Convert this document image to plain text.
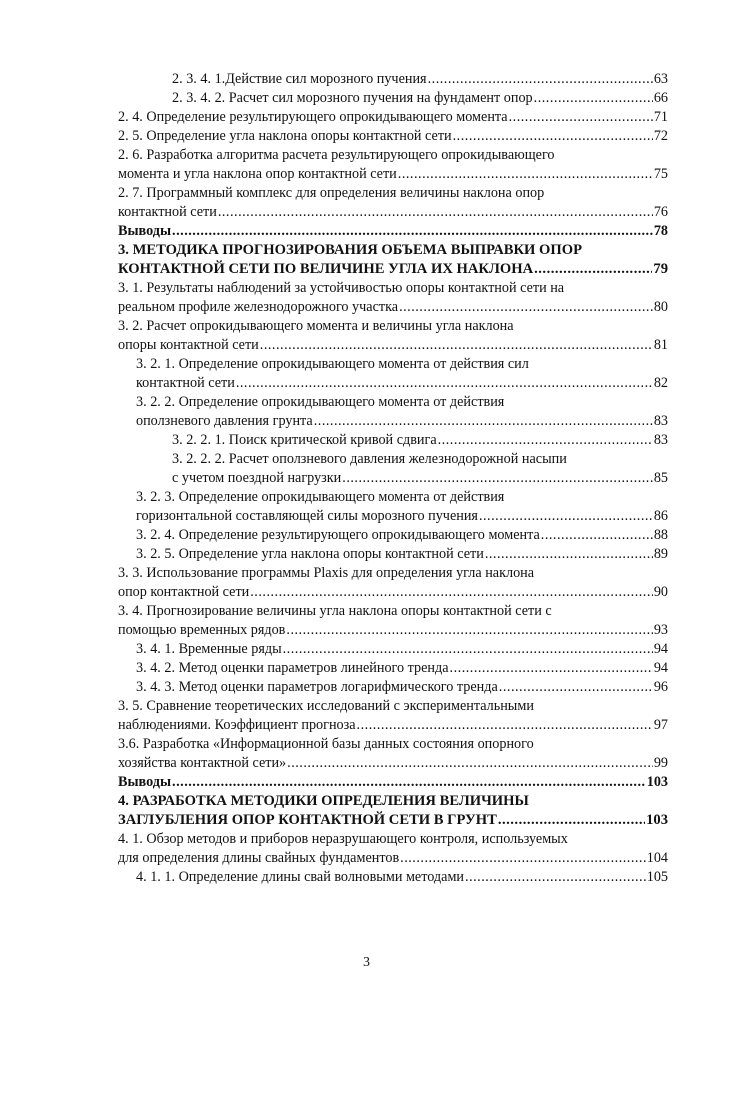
2. 3. 4. 1.Действие сил морозного пучения .....	63
2. 3. 4. 2. Расчет сил морозного пучения на фундамент опор .....	66
2. 4. Определение результирующего опрокидывающего момента .....	71
2. 5. Определение угла наклона опоры контактной сети .....	72
2. 6. Разработка алгоритма расчета результирующего опрокидывающего
момента и угла наклона опор контактной сети .....	75
2. 7. Программный комплекс для определения величины наклона опор
контактной сети .....	76
Выводы .....	78
3. МЕТОДИКА ПРОГНОЗИРОВАНИЯ ОБЪЕМА ВЫПРАВКИ ОПОР
КОНТАКТНОЙ СЕТИ ПО ВЕЛИЧИНЕ УГЛА ИХ НАКЛОНА .....	79
3. 1. Результаты наблюдений за устойчивостью опоры контактной сети на
реальном профиле железнодорожного участка .....	80
3. 2. Расчет опрокидывающего момента и величины угла наклона
опоры контактной сети .....	81
3. 2. 1. Определение опрокидывающего момента от действия сил
контактной сети .....	82
3. 2. 2. Определение опрокидывающего момента от действия
оползневого давления грунта .....	83
3. 2. 2. 1. Поиск критической кривой сдвига .....	83
3. 2. 2. 2. Расчет оползневого давления железнодорожной насыпи
с учетом поездной нагрузки .....	85
3. 2. 3. Определение опрокидывающего момента от действия
горизонтальной составляющей силы морозного пучения .....	86
3. 2. 4. Определение результирующего опрокидывающего момента .....	88
3. 2. 5. Определение угла наклона опоры контактной сети .....	89
3. 3. Использование программы Plaxis для определения угла наклона
опор контактной сети .....	90
3. 4. Прогнозирование величины угла наклона опоры контактной сети с
помощью временных рядов .....	93
3. 4. 1. Временные ряды .....	94
3. 4. 2. Метод оценки параметров линейного тренда .....	94
3. 4. 3. Метод оценки параметров логарифмического тренда .....	96
3. 5. Сравнение теоретических исследований с экспериментальными
наблюдениями. Коэффициент прогноза .....	97
3.6. Разработка «Информационной базы данных состояния опорного
хозяйства контактной сети» .....	99
Выводы .....	103
4. РАЗРАБОТКА МЕТОДИКИ ОПРЕДЕЛЕНИЯ ВЕЛИЧИНЫ
ЗАГЛУБЛЕНИЯ ОПОР КОНТАКТНОЙ СЕТИ В ГРУНТ .....	103
4. 1. Обзор методов и приборов неразрушающего контроля, используемых
для определения длины свайных фундаментов .....	104
4. 1. 1. Определение длины свай волновыми методами .....	105
3
